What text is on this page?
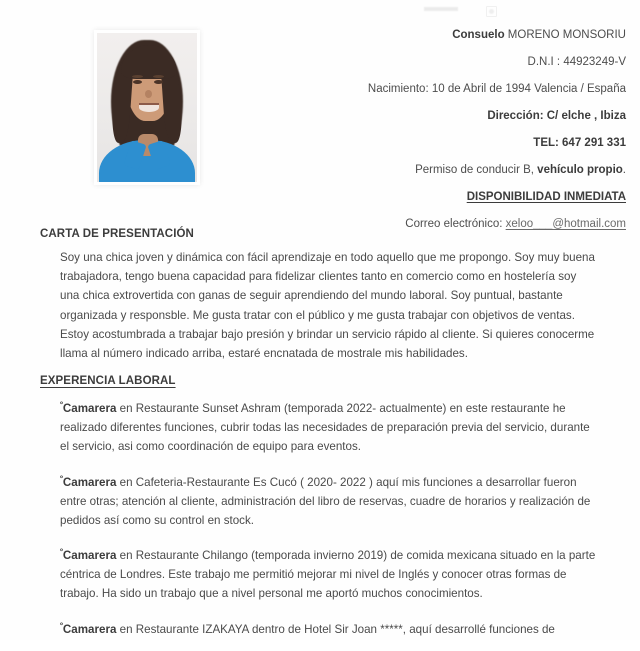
Consuelo MORENO MONSORIU
D.N.I : 44923249-V
Nacimiento: 10 de Abril de 1994 Valencia / España
Dirección: C/ elche , Ibiza
TEL: 647 291 331
Permiso de conducir B, vehículo propio.
DISPONIBILIDAD INMEDIATA
Correo electrónico: xeloo___@hotmail.com
CARTA DE PRESENTACIÓN

Soy una chica joven y dinámica con fácil aprendizaje en todo aquello que me propongo. Soy muy buena trabajadora, tengo buena capacidad para fidelizar clientes tanto en comercio como en hostelería soy una chica extrovertida con ganas de seguir aprendiendo del mundo laboral. Soy puntual, bastante organizada y responsble. Me gusta tratar con el público y me gusta trabajar con objetivos de ventas. Estoy acostumbrada a trabajar bajo presión y brindar un servicio rápido al cliente. Si quieres conocerme llama al número indicado arriba, estaré encnatada de mostrale mis habilidades.

EXPERENCIA LABORAL

$^º$Camarera en Restaurante Sunset Ashram (temporada 2022- actualmente) en este restaurante he realizado diferentes funciones, cubrir todas las necesidades de preparación previa del servicio, durante el servicio, asi como coordinación de equipo para eventos.

$^º$Camarera en Cafeteria-Restaurante Es Cucó ( 2020- 2022 ) aquí mis funciones a desarrollar fueron entre otras; atención al cliente, administración del libro de reservas, cuadre de horarios y realización de pedidos así como su control en stock.

$^º$Camarera en Restaurante Chilango (temporada invierno 2019) de comida mexicana situado en la parte céntrica de Londres. Este trabajo me permitió mejorar mi nivel de Inglés y conocer otras formas de trabajo. Ha sido un trabajo que a nivel personal me aportó muchos conocimientos.

$^º$Camarera en Restaurante IZAKAYA dentro de Hotel Sir Joan *****, aquí desarrollé funciones de
